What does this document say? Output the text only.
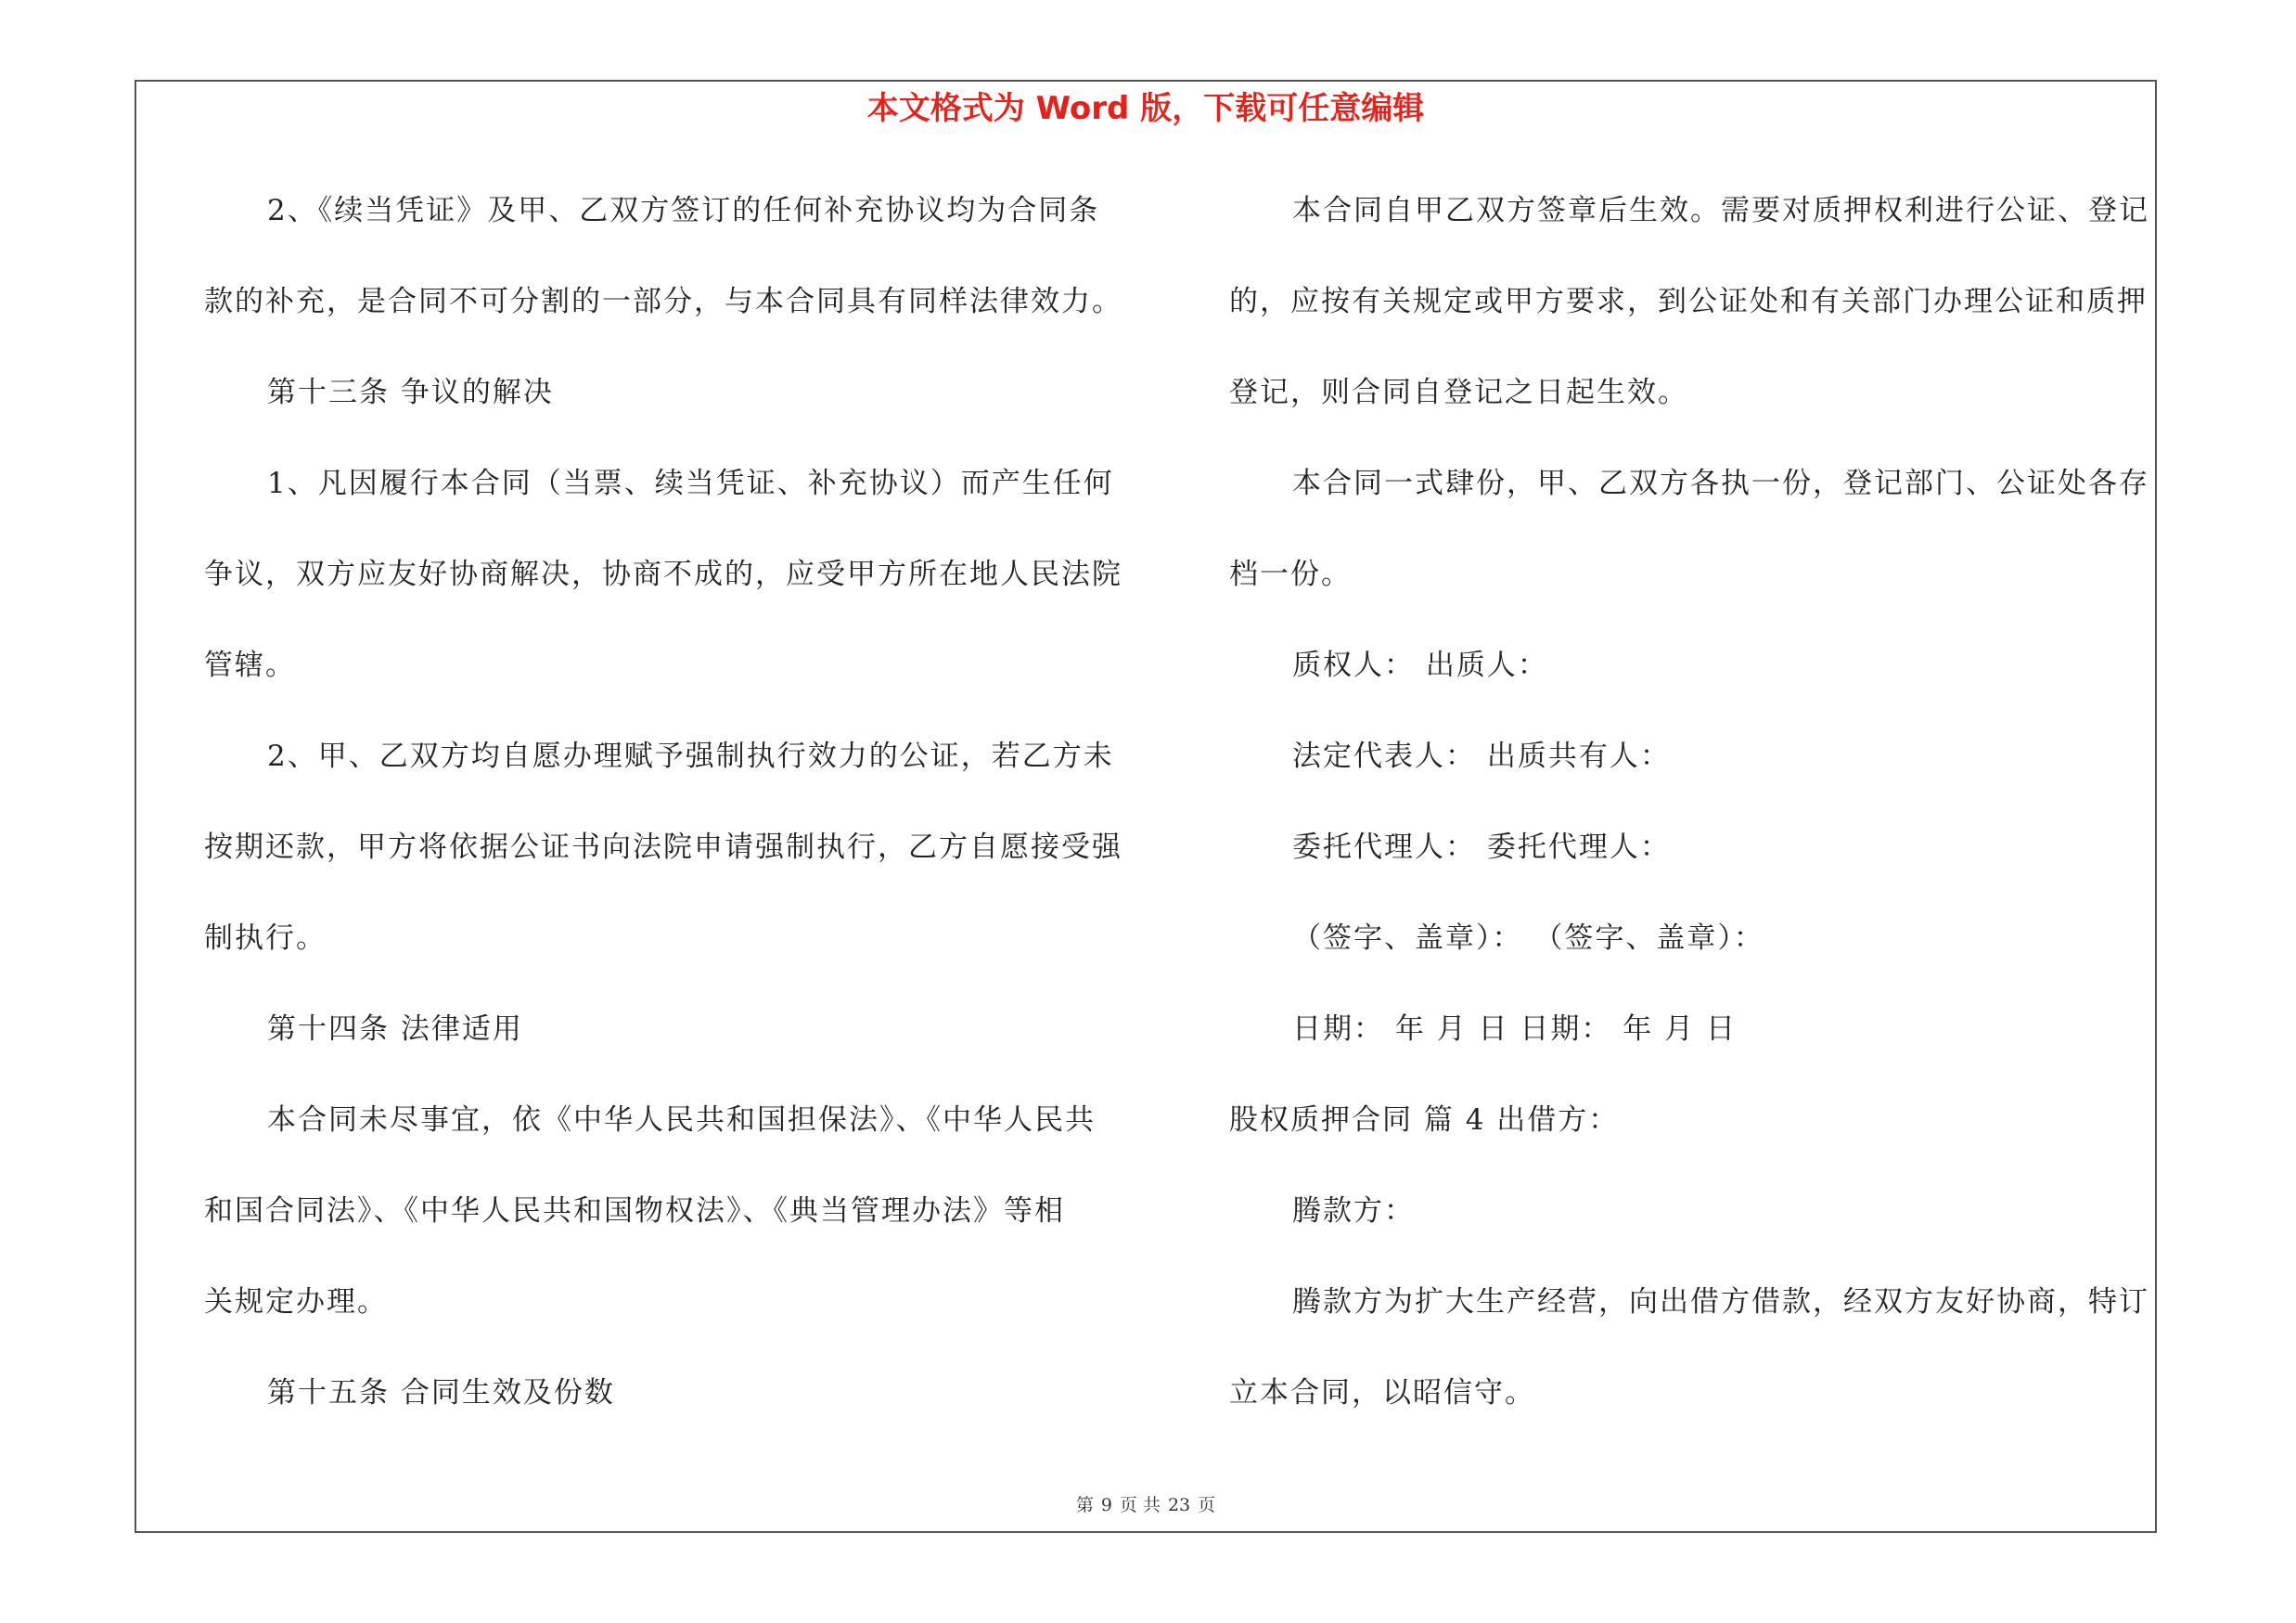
本文格式为 Word 版，下载可任意编辑
2、《续当凭证》及甲、乙双方签订的任何补充协议均为合同条
款的补充，是合同不可分割的一部分，与本合同具有同样法律效力。
第十三条 争议的解决
1、凡因履行本合同（当票、续当凭证、补充协议）而产生任何
争议，双方应友好协商解决，协商不成的，应受甲方所在地人民法院
管辖。
2、甲、乙双方均自愿办理赋予强制执行效力的公证，若乙方未
按期还款，甲方将依据公证书向法院申请强制执行，乙方自愿接受强
制执行。
第十四条 法律适用
本合同未尽事宜，依《中华人民共和国担保法》、《中华人民共
和国合同法》、《中华人民共和国物权法》、《典当管理办法》等相
关规定办理。
第十五条 合同生效及份数
本合同自甲乙双方签章后生效。需要对质押权利进行公证、登记
的，应按有关规定或甲方要求，到公证处和有关部门办理公证和质押
登记，则合同自登记之日起生效。
本合同一式肆份，甲、乙双方各执一份，登记部门、公证处各存
档一份。
质权人： 出质人：
法定代表人： 出质共有人：
委托代理人： 委托代理人：
（签字、盖章）： （签字、盖章）：
日期： 年 月 日 日期： 年 月 日
股权质押合同 篇 4 出借方：
腾款方：
腾款方为扩大生产经营，向出借方借款，经双方友好协商，特订
立本合同，以昭信守。
第 9 页 共 23 页
